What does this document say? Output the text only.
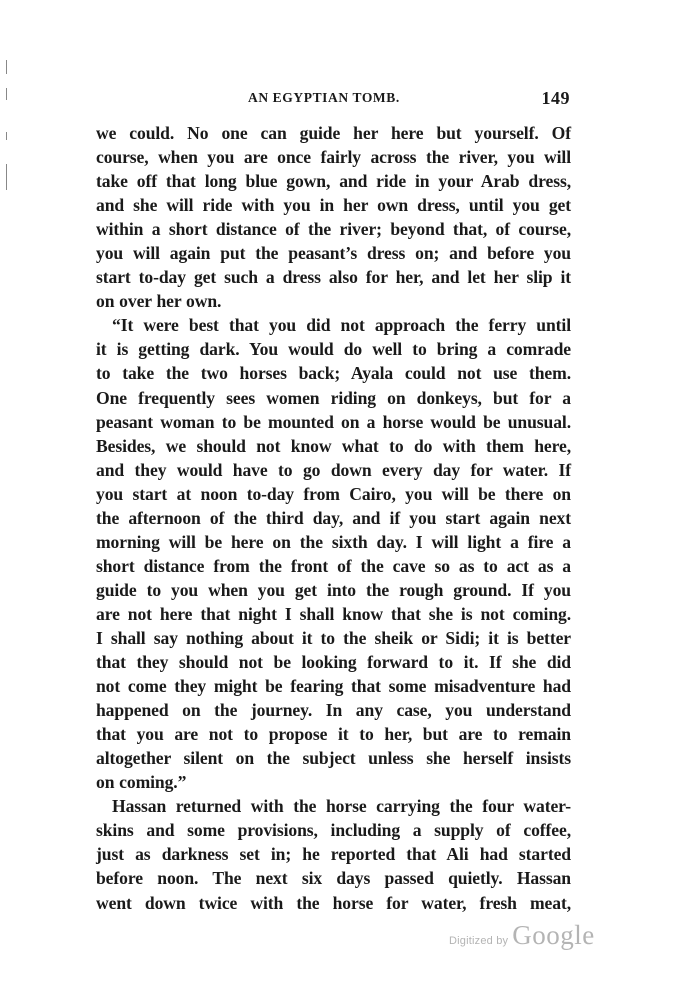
AN EGYPTIAN TOMB.	149
we could. No one can guide her here but yourself. Of
course, when you are once fairly across the river, you will
take off that long blue gown, and ride in your Arab dress,
and she will ride with you in her own dress, until you get
within a short distance of the river; beyond that, of course,
you will again put the peasant’s dress on; and before you
start to-day get such a dress also for her, and let her slip it
on over her own.
“It were best that you did not approach the ferry until
it is getting dark. You would do well to bring a comrade
to take the two horses back; Ayala could not use them.
One frequently sees women riding on donkeys, but for a
peasant woman to be mounted on a horse would be unusual.
Besides, we should not know what to do with them here,
and they would have to go down every day for water. If
you start at noon to-day from Cairo, you will be there on
the afternoon of the third day, and if you start again next
morning will be here on the sixth day. I will light a fire a
short distance from the front of the cave so as to act as a
guide to you when you get into the rough ground. If you
are not here that night I shall know that she is not coming.
I shall say nothing about it to the sheik or Sidi; it is better
that they should not be looking forward to it. If she did
not come they might be fearing that some misadventure had
happened on the journey. In any case, you understand
that you are not to propose it to her, but are to remain
altogether silent on the subject unless she herself insists
on coming.”
Hassan returned with the horse carrying the four water-
skins and some provisions, including a supply of coffee,
just as darkness set in; he reported that Ali had started
before noon. The next six days passed quietly. Hassan
went down twice with the horse for water, fresh meat,
Digitized by Google
